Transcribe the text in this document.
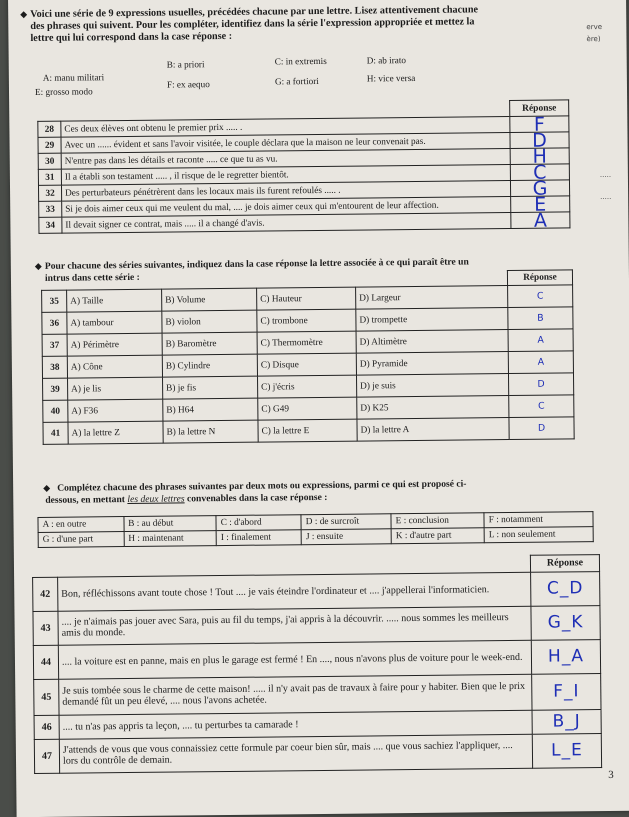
◆ Voici une série de 9 expressions usuelles, précédées chacune par une lettre. Lisez attentivement chacune
des phrases qui suivent. Pour les compléter, identifiez dans la série l'expression appropriée et mettez la
lettre qui lui correspond dans la case réponse :
erve
ère)
.....
.....
A: manu militari
B: a priori	C: in extremis	D: ab irato
E: grosso modo
F: ex aequo	G: a fortiori	H: vice versa
		Réponse
28	Ces deux élèves ont obtenu le premier prix ..... .	F
29	Avec un ...... évident et sans l'avoir visitée, le couple déclara que la maison ne leur convenait pas.	D
30	N'entre pas dans les détails et raconte ..... ce que tu as vu.	H
31	Il a établi son testament ..... , il risque de le regretter bientôt.	C
32	Des perturbateurs pénétrèrent dans les locaux mais ils furent refoulés ..... .	G
33	Si je dois aimer ceux qui me veulent du mal, .... je dois aimer ceux qui m'entourent de leur affection.	E
34	Il devait signer ce contrat, mais ..... il a changé d'avis.	A
◆ Pour chacune des séries suivantes, indiquez dans la case réponse la lettre associée à ce qui paraît être un
intrus dans cette série :
					Réponse
35	A) Taille	B) Volume	C) Hauteur	D) Largeur	C
36	A) tambour	B) violon	C) trombone	D) trompette	B
37	A) Périmètre	B) Baromètre	C) Thermomètre	D) Altimètre	A
38	A) Cône	B) Cylindre	C) Disque	D) Pyramide	A
39	A) je lis	B) je fis	C) j'écris	D) je suis	D
40	A) F36	B) H64	C) G49	D) K25	C
41	A) la lettre Z	B) la lettre N	C) la lettre E	D) la lettre A	D
◆ Complétez chacune des phrases suivantes par deux mots ou expressions, parmi ce qui est proposé ci-
dessous, en mettant les deux lettres convenables dans la case réponse :
A : en outre	B : au début	C : d'abord	D : de surcroît	E : conclusion	F : notamment
G : d'une part	H : maintenant	I : finalement	J : ensuite	K : d'autre part	L : non seulement
		Réponse
42	Bon, réfléchissons avant toute chose ! Tout .... je vais éteindre l'ordinateur et .... j'appellerai l'informaticien.	C_D
43	.... je n'aimais pas jouer avec Sara, puis au fil du temps, j'ai appris à la découvrir. ..... nous sommes les meilleurs amis du monde.	G_K
44	.... la voiture est en panne, mais en plus le garage est fermé ! En ...., nous n'avons plus de voiture pour le week-end.	H_A
45	Je suis tombée sous le charme de cette maison! ..... il n'y avait pas de travaux à faire pour y habiter. Bien que le prix demandé fût un peu élevé, .... nous l'avons achetée.	F_I
46	.... tu n'as pas appris ta leçon, .... tu perturbes ta camarade !	B_J
47	J'attends de vous que vous connaissiez cette formule par coeur bien sûr, mais .... que vous sachiez l'appliquer, .... lors du contrôle de demain.	L_E
3
